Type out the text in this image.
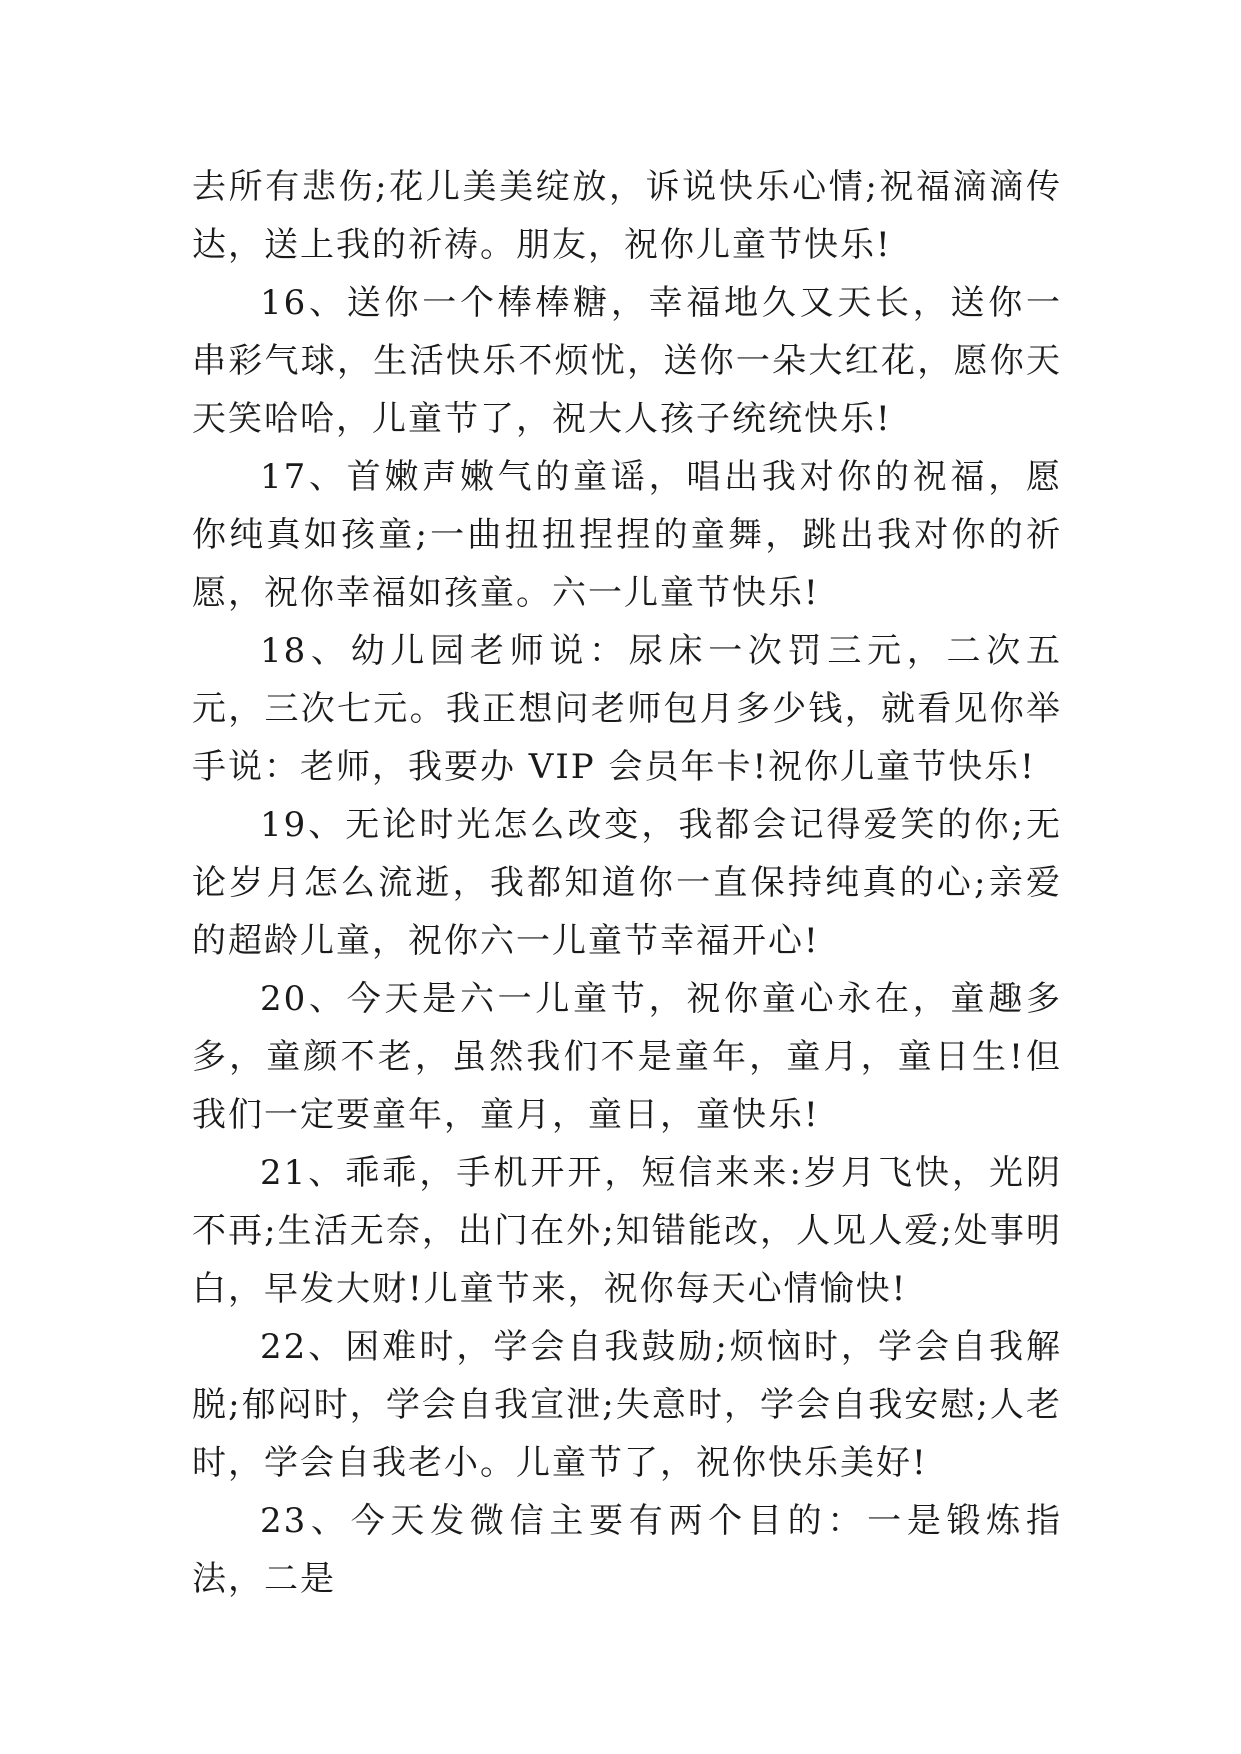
去所有悲伤;花儿美美绽放，诉说快乐心情;祝福滴滴传达，送上我的祈祷。朋友，祝你儿童节快乐!

16、送你一个棒棒糖，幸福地久又天长，送你一串彩气球，生活快乐不烦忧，送你一朵大红花，愿你天天笑哈哈，儿童节了，祝大人孩子统统快乐!

17、首嫩声嫩气的童谣，唱出我对你的祝福，愿你纯真如孩童;一曲扭扭捏捏的童舞，跳出我对你的祈愿，祝你幸福如孩童。六一儿童节快乐!

18、幼儿园老师说：尿床一次罚三元，二次五元，三次七元。我正想问老师包月多少钱，就看见你举手说：老师，我要办 VIP 会员年卡!祝你儿童节快乐!

19、无论时光怎么改变，我都会记得爱笑的你;无论岁月怎么流逝，我都知道你一直保持纯真的心;亲爱的超龄儿童，祝你六一儿童节幸福开心!

20、今天是六一儿童节，祝你童心永在，童趣多多，童颜不老，虽然我们不是童年，童月，童日生!但我们一定要童年，童月，童日，童快乐!

21、乖乖，手机开开，短信来来:岁月飞快，光阴不再;生活无奈，出门在外;知错能改，人见人爱;处事明白，早发大财!儿童节来，祝你每天心情愉快!

22、困难时，学会自我鼓励;烦恼时，学会自我解脱;郁闷时，学会自我宣泄;失意时，学会自我安慰;人老时，学会自我老小。儿童节了，祝你快乐美好!

23、今天发微信主要有两个目的：一是锻炼指法，二是
